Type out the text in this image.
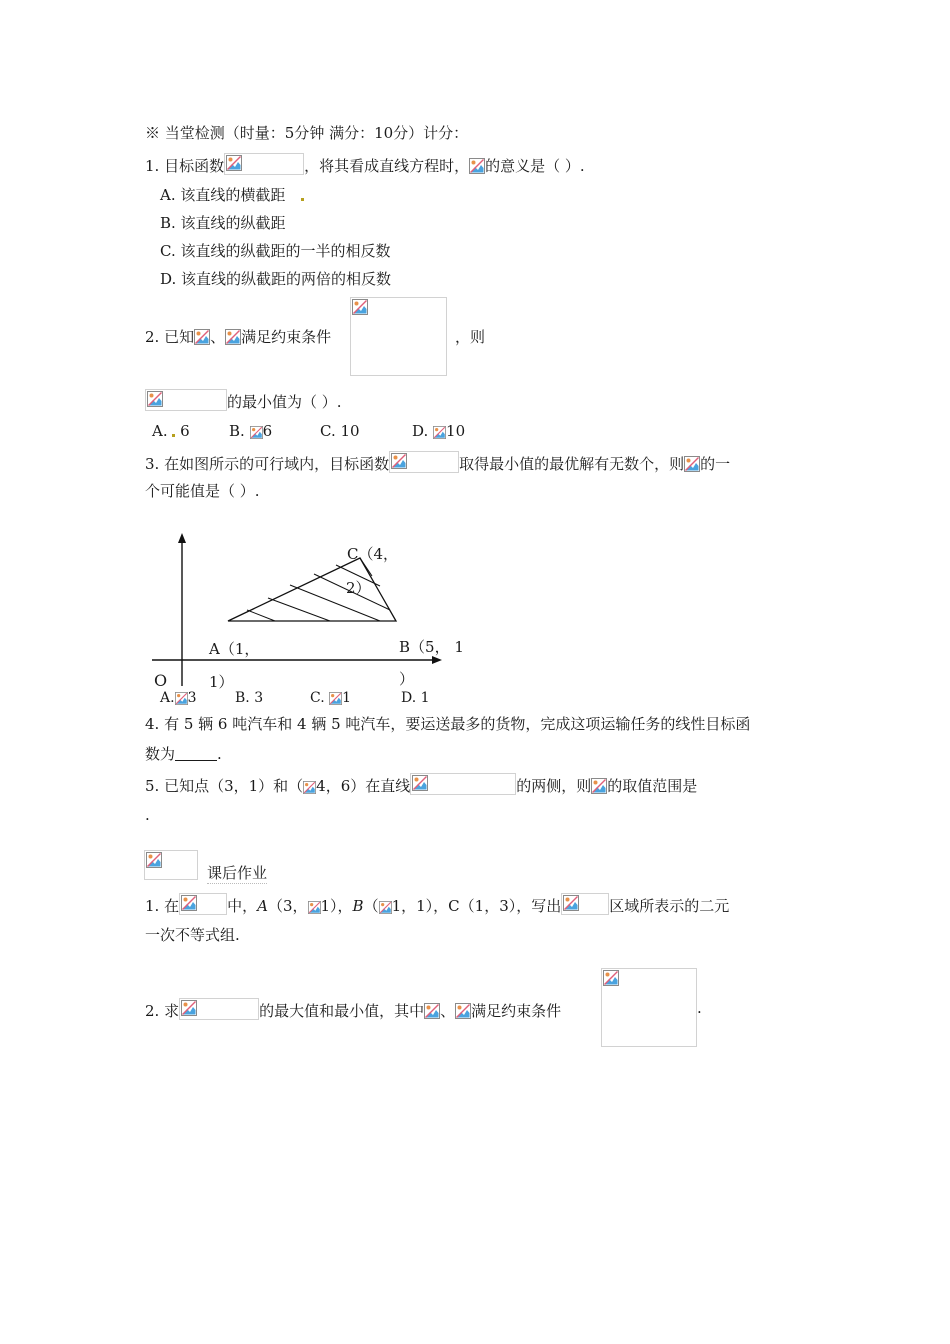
※ 当堂检测（时量：5分钟 满分：10分）计分：
1. 目标函数	，将其看成直线方程时， 的意义是（ ）.
A. 该直线的横截距
B. 该直线的纵截距
C. 该直线的纵截距的一半的相反数
D. 该直线的纵截距的两倍的相反数
2. 已知 、 满足约束条件	，则
的最小值为（ ）.
A. 6	B. 6	C. 10	D. 10
3. 在如图所示的可行域内，目标函数	取得最小值的最优解有无数个，则 的一
个可能值是（ ）.
C（4，
2）
A（1，
1）
B（5， 1
）
O
A. 3	B. 3	C. 1	D. 1
4. 有 5 辆 6 吨汽车和 4 辆 5 吨汽车，要运送最多的货物，完成这项运输任务的线性目标函
数为	.
5. 已知点（3，1）和（ 4，6）在直线	的两侧，则 的取值范围是
.
课后作业
1. 在	中，A（3， 1），B（ 1，1），C（1，3），写出	区域所表示的二元
一次不等式组.
2. 求	的最大值和最小值，其中 、 满足约束条件	.
